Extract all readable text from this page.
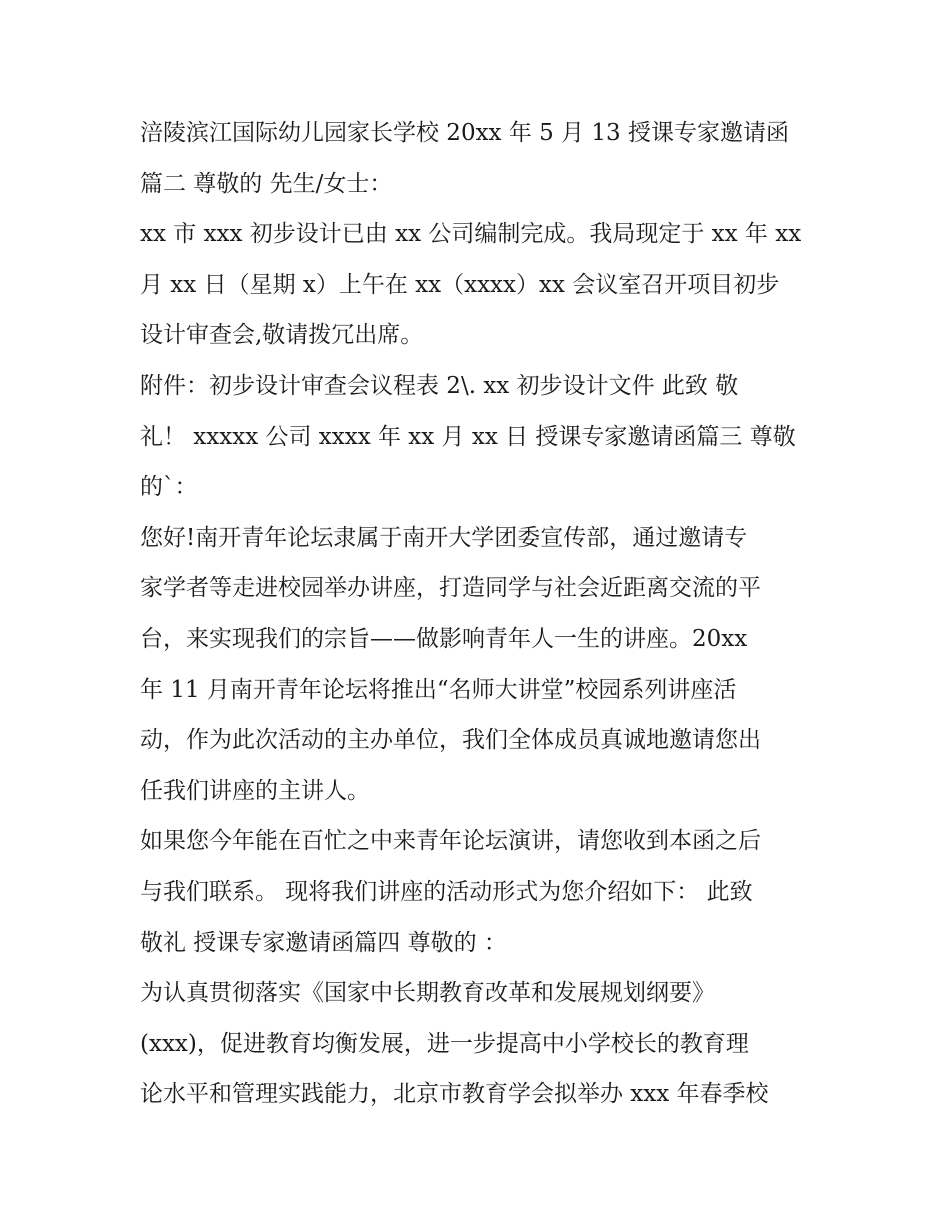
涪陵滨江国际幼儿园家长学校 20xx 年 5 月 13 授课专家邀请函
篇二 尊敬的 先生/女士：
xx 市 xxx 初步设计已由 xx 公司编制完成。我局现定于 xx 年 xx
月 xx 日（星期 x）上午在 xx（xxxx）xx 会议室召开项目初步
设计审查会,敬请拨冗出席。
附件：初步设计审查会议程表 2\. xx 初步设计文件 此致 敬
礼！ xxxxx 公司 xxxx 年 xx 月 xx 日 授课专家邀请函篇三 尊敬
的`：
您好!南开青年论坛隶属于南开大学团委宣传部，通过邀请专
家学者等走进校园举办讲座，打造同学与社会近距离交流的平
台，来实现我们的宗旨——做影响青年人一生的讲座。20xx
年 11 月南开青年论坛将推出“名师大讲堂”校园系列讲座活
动，作为此次活动的主办单位，我们全体成员真诚地邀请您出
任我们讲座的主讲人。
如果您今年能在百忙之中来青年论坛演讲，请您收到本函之后
与我们联系。 现将我们讲座的活动形式为您介绍如下： 此致
敬礼 授课专家邀请函篇四 尊敬的 ：
为认真贯彻落实《国家中长期教育改革和发展规划纲要》
(xxx)，促进教育均衡发展，进一步提高中小学校长的教育理
论水平和管理实践能力，北京市教育学会拟举办 xxx 年春季校
